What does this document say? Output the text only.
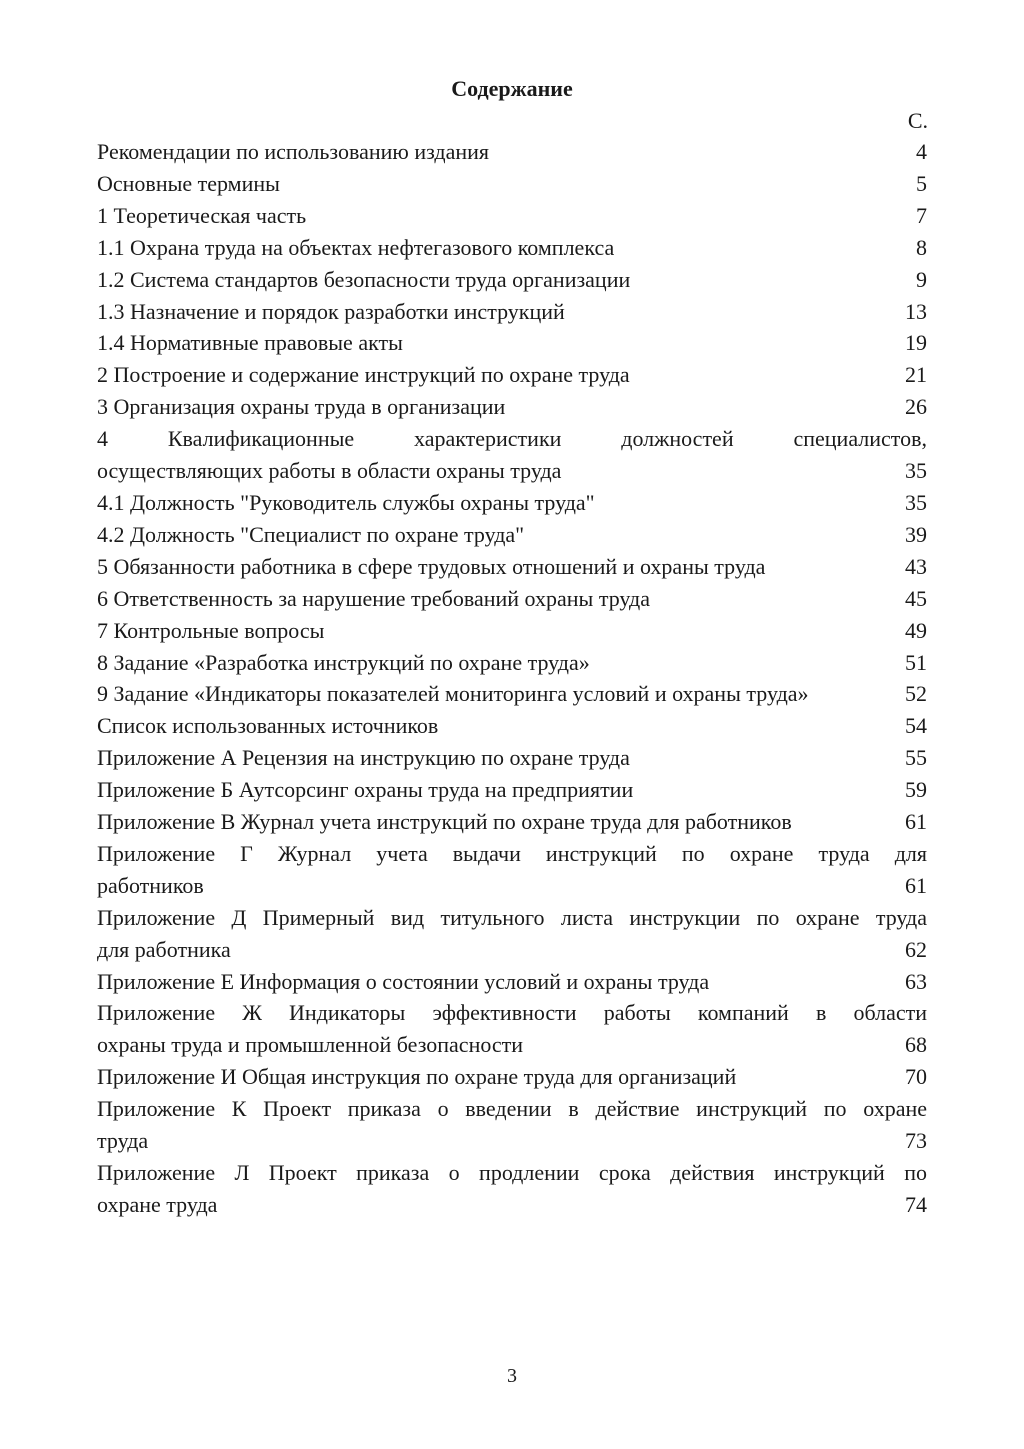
Содержание
С.
Рекомендации по использованию издания	4
Основные термины	5
1 Теоретическая часть	7
1.1 Охрана труда на объектах нефтегазового комплекса	8
1.2 Система стандартов безопасности труда организации	9
1.3 Назначение и порядок разработки инструкций	13
1.4 Нормативные правовые акты	19
2 Построение и содержание инструкций по охране труда	21
3 Организация охраны труда в организации	26
4 Квалификационные характеристики должностей специалистов,
осуществляющих работы в области охраны труда	35
4.1 Должность "Руководитель службы охраны труда"	35
4.2 Должность "Специалист по охране труда"	39
5 Обязанности работника в сфере трудовых отношений и охраны труда	43
6 Ответственность за нарушение требований охраны труда	45
7 Контрольные вопросы	49
8 Задание «Разработка инструкций по охране труда»	51
9 Задание «Индикаторы показателей мониторинга условий и охраны труда»	52
Список использованных источников	54
Приложение А Рецензия на инструкцию по охране труда	55
Приложение Б Аутсорсинг охраны труда на предприятии	59
Приложение В Журнал учета инструкций по охране труда для работников	61
Приложение Г Журнал учета выдачи инструкций по охране труда для
работников	61
Приложение Д Примерный вид титульного листа инструкции по охране труда
для работника	62
Приложение Е Информация о состоянии условий и охраны труда	63
Приложение Ж Индикаторы эффективности работы компаний в области
охраны труда и промышленной безопасности	68
Приложение И Общая инструкция по охране труда для организаций	70
Приложение К Проект приказа о введении в действие инструкций по охране
труда	73
Приложение Л Проект приказа о продлении срока действия инструкций по
охране труда	74
3
